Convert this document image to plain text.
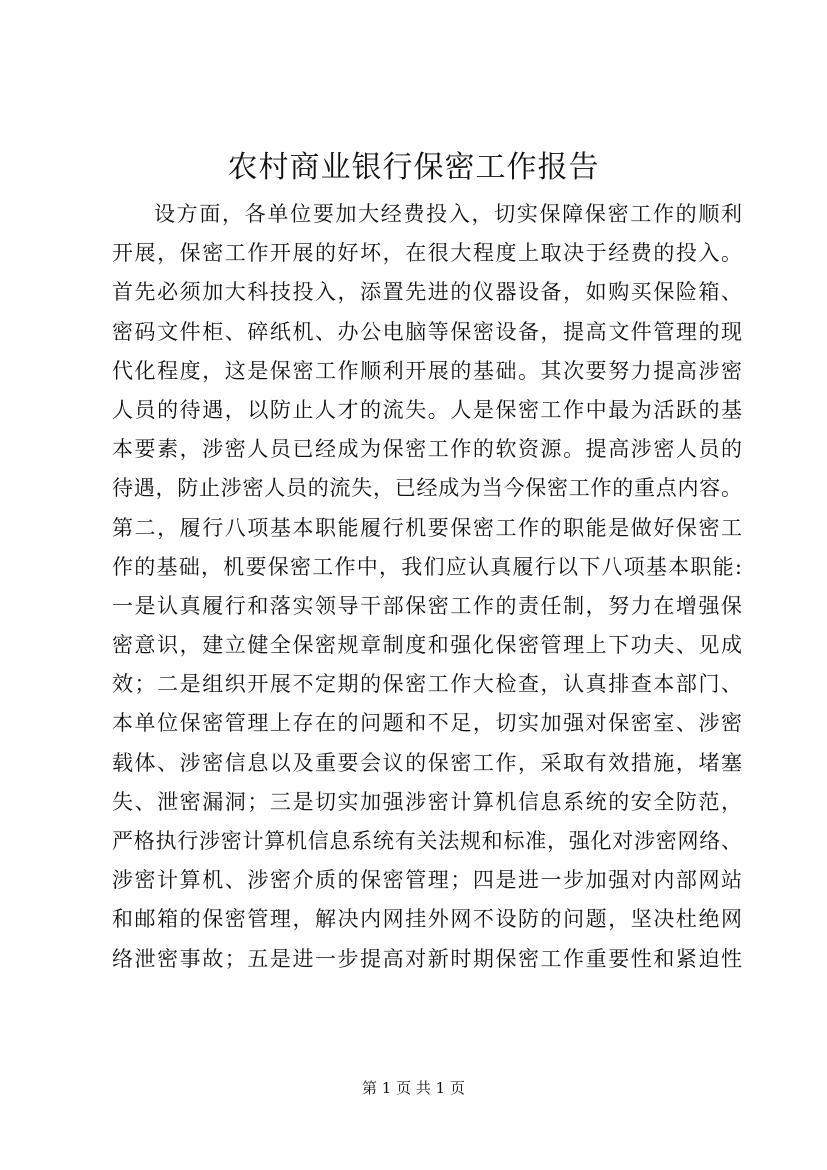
农村商业银行保密工作报告
设方面，各单位要加大经费投入，切实保障保密工作的顺利
开展，保密工作开展的好坏，在很大程度上取决于经费的投入。
首先必须加大科技投入，添置先进的仪器设备，如购买保险箱、
密码文件柜、碎纸机、办公电脑等保密设备，提高文件管理的现
代化程度，这是保密工作顺利开展的基础。其次要努力提高涉密
人员的待遇，以防止人才的流失。人是保密工作中最为活跃的基
本要素，涉密人员已经成为保密工作的软资源。提高涉密人员的
待遇，防止涉密人员的流失，已经成为当今保密工作的重点内容。
第二，履行八项基本职能履行机要保密工作的职能是做好保密工
作的基础，机要保密工作中，我们应认真履行以下八项基本职能:
一是认真履行和落实领导干部保密工作的责任制，努力在增强保
密意识，建立健全保密规章制度和强化保密管理上下功夫、见成
效；二是组织开展不定期的保密工作大检查，认真排查本部门、
本单位保密管理上存在的问题和不足，切实加强对保密室、涉密
载体、涉密信息以及重要会议的保密工作，采取有效措施，堵塞
失、泄密漏洞；三是切实加强涉密计算机信息系统的安全防范，
严格执行涉密计算机信息系统有关法规和标准，强化对涉密网络、
涉密计算机、涉密介质的保密管理；四是进一步加强对内部网站
和邮箱的保密管理，解决内网挂外网不设防的问题，坚决杜绝网
络泄密事故；五是进一步提高对新时期保密工作重要性和紧迫性
第 1 页 共 1 页
